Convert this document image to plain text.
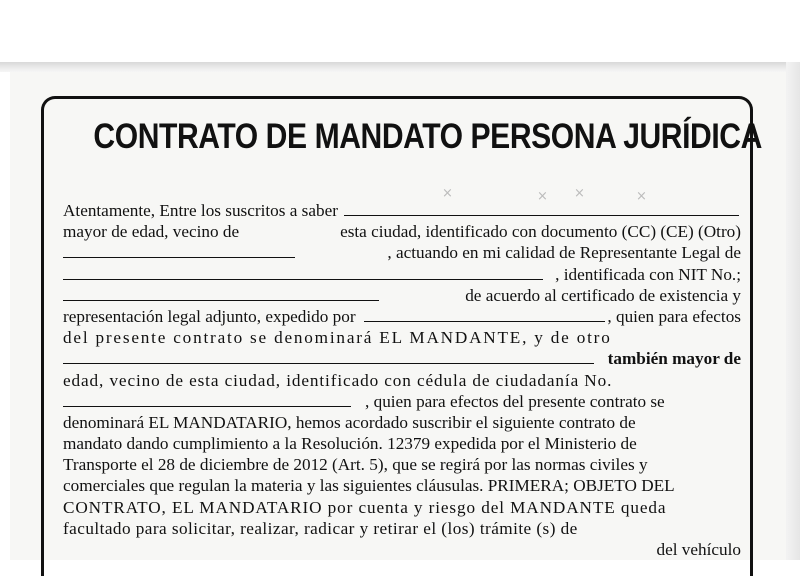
×	× ×	×
CONTRATO DE MANDATO PERSONA JURÍDICA
Atentamente, Entre los suscritos a saber
mayor de edad, vecino de	esta ciudad, identificado con documento (CC) (CE) (Otro)
, actuando en mi calidad de Representante Legal de
, identificada con NIT No.;
de acuerdo al certificado de existencia y
representación legal adjunto, expedido por	, quien para efectos
del presente contrato se denominará EL MANDANTE, y de otro
también mayor de
edad, vecino de esta ciudad, identificado con cédula de ciudadanía No.
, quien para efectos del presente contrato se
denominará EL MANDATARIO, hemos acordado suscribir el siguiente contrato de
mandato dando cumplimiento a la Resolución. 12379 expedida por el Ministerio de
Transporte el 28 de diciembre de 2012 (Art. 5), que se regirá por las normas civiles y
comerciales que regulan la materia y las siguientes cláusulas. PRIMERA; OBJETO DEL
CONTRATO, EL MANDATARIO por cuenta y riesgo del MANDANTE queda
facultado para solicitar, realizar, radicar y retirar el (los) trámite (s) de
del vehículo
